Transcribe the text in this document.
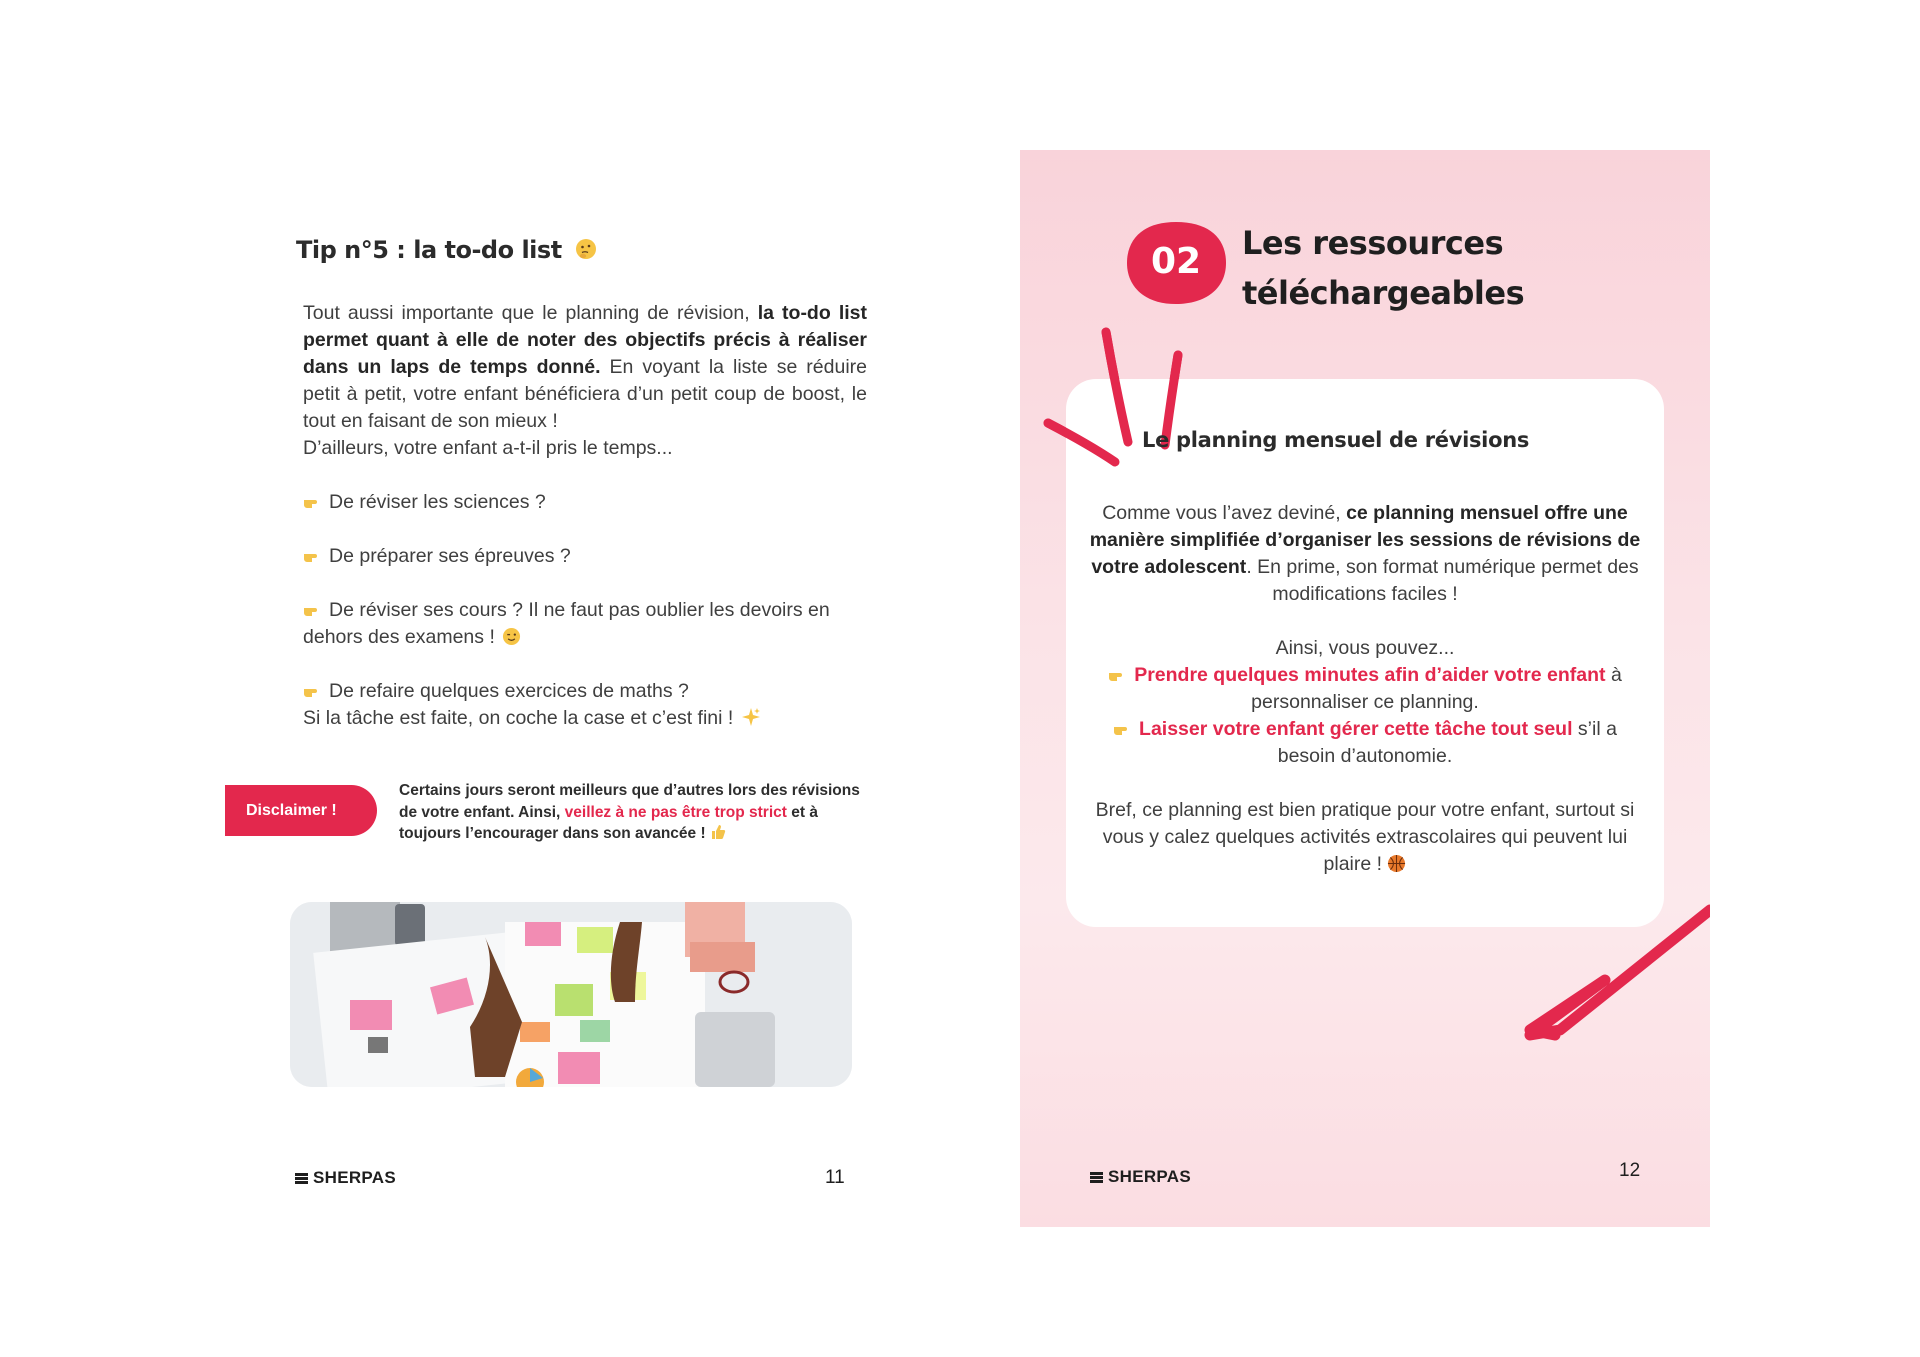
Tip n°5 : la to-do list
Tout aussi importante que le planning de révision, la to-do list permet quant à elle de noter des objectifs précis à réaliser dans un laps de temps donné. En voyant la liste se réduire petit à petit, votre enfant bénéficiera d’un petit coup de boost, le tout en faisant de son mieux !
D’ailleurs, votre enfant a-t-il pris le temps...
De réviser les sciences ?
De préparer ses épreuves ?
De réviser ses cours ? Il ne faut pas oublier les devoirs en dehors des examens !
De refaire quelques exercices de maths ?
Si la tâche est faite, on coche la case et c’est fini !
Disclaimer !
Certains jours seront meilleurs que d’autres lors des révisions de votre enfant. Ainsi, veillez à ne pas être trop strict et à toujours l’encourager dans son avancée !
SHERPAS	11
02	Les ressources
téléchargeables
Le planning mensuel de révisions
Comme vous l’avez deviné, ce planning mensuel offre une manière simplifiée d’organiser les sessions de révisions de votre adolescent. En prime, son format numérique permet des modifications faciles !
Ainsi, vous pouvez...
Prendre quelques minutes afin d’aider votre enfant à personnaliser ce planning.
Laisser votre enfant gérer cette tâche tout seul s’il a besoin d’autonomie.
Bref, ce planning est bien pratique pour votre enfant, surtout si vous y calez quelques activités extrascolaires qui peuvent lui plaire !
SHERPAS	12
